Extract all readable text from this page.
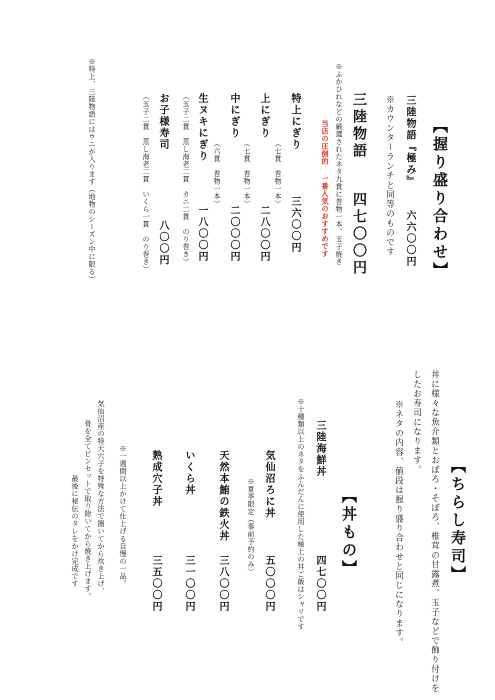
【握り盛り合わせ】
三陸物語『極み』
六六〇〇円
※カウンターランチと同等のものです
三陸物語
四七〇〇円
※ふかひれなどの厳選されたネタ九貫に巻物一本、玉子焼き
当店の圧倒的
一番人気のおすすめです
特上にぎり
三六〇〇円
（七貫　巻物一本）
上にぎり
二八〇〇円
（七貫　巻物一本）
中にぎり
二〇〇〇円
（六貫　巻物一本）
生ヌキにぎり
一八〇〇円
（玉子二貫　蒸し海老二貫　カニ二貫　のり巻き）
お子様寿司
八〇〇円
（玉子二貫　蒸し海老二貫　いくら一貫　のり巻き）
※特上、三陸物語にはウニが入ります（地物のシーズン中に限る）
【ちらし寿司】
丼に様々な魚介類とおぼろ・そぼろ、椎茸の甘露煮、玉子などで飾り付けを
したお寿司になります。
※ネタの内容、値段は握り盛り合わせと同じになります。
【丼もの】
三陸海鮮丼
四七〇〇円
※十種類以上のネタをふんだんに使用した極上の丼ご飯はシャリです
気仙沼ろに丼
五〇〇〇円
※夏季限定（事前予約のみ）
天然本鮪の鉄火丼
三八〇〇円
いくら丼
三一〇〇円
熟成穴子丼
三五〇〇円
※一週間以上かけて仕上げる自慢の一品。
気仙沼産の特大穴子を特殊な方法で捌いてから炊き上げ、
骨を全てピンセットで取り除いてから焼き上げます。
最後に秘伝のタレをかけ完成です
